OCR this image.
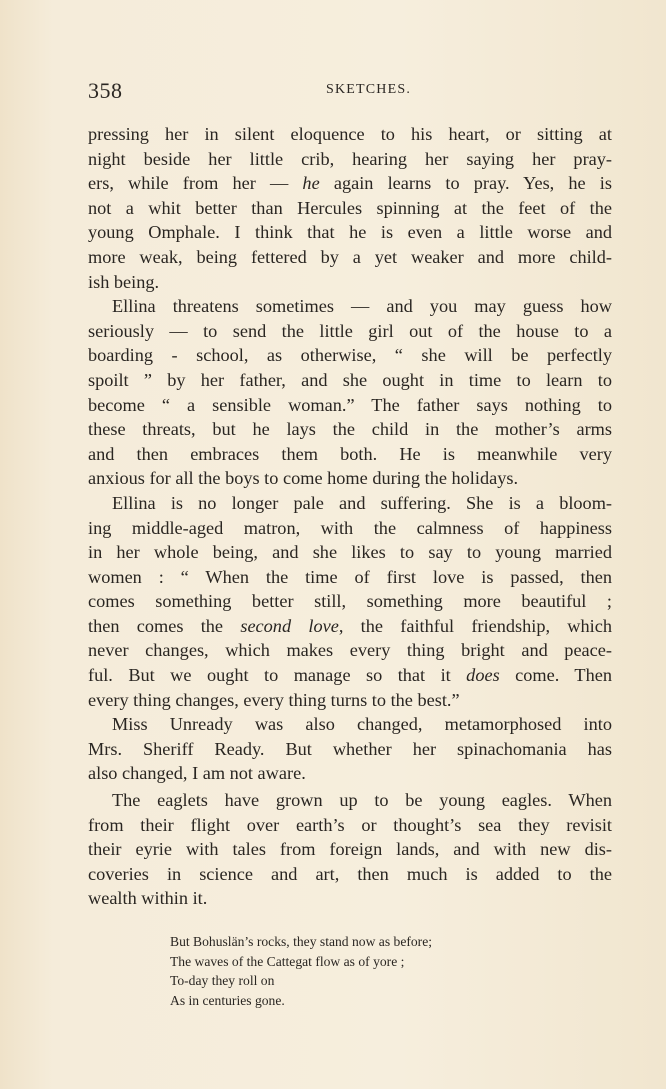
358	SKETCHES.

pressing her in silent eloquence to his heart, or sitting at
night beside her little crib, hearing her saying her pray-
ers, while from her — he again learns to pray. Yes, he is
not a whit better than Hercules spinning at the feet of the
young Omphale. I think that he is even a little worse and
more weak, being fettered by a yet weaker and more child-
ish being.

Ellina threatens sometimes — and you may guess how
seriously — to send the little girl out of the house to a
boarding - school, as otherwise, “ she will be perfectly
spoilt ” by her father, and she ought in time to learn to
become “ a sensible woman.” The father says nothing to
these threats, but he lays the child in the mother’s arms
and then embraces them both. He is meanwhile very
anxious for all the boys to come home during the holidays.

Ellina is no longer pale and suffering. She is a bloom-
ing middle-aged matron, with the calmness of happiness
in her whole being, and she likes to say to young married
women : “ When the time of first love is passed, then
comes something better still, something more beautiful ;
then comes the second love, the faithful friendship, which
never changes, which makes every thing bright and peace-
ful. But we ought to manage so that it does come. Then
every thing changes, every thing turns to the best.”

Miss Unready was also changed, metamorphosed into
Mrs. Sheriff Ready. But whether her spinachomania has
also changed, I am not aware.

The eaglets have grown up to be young eagles. When
from their flight over earth’s or thought’s sea they revisit
their eyrie with tales from foreign lands, and with new dis-
coveries in science and art, then much is added to the
wealth within it.

But Bohuslän’s rocks, they stand now as before;
The waves of the Cattegat flow as of yore ;
To-day they roll on
As in centuries gone.
